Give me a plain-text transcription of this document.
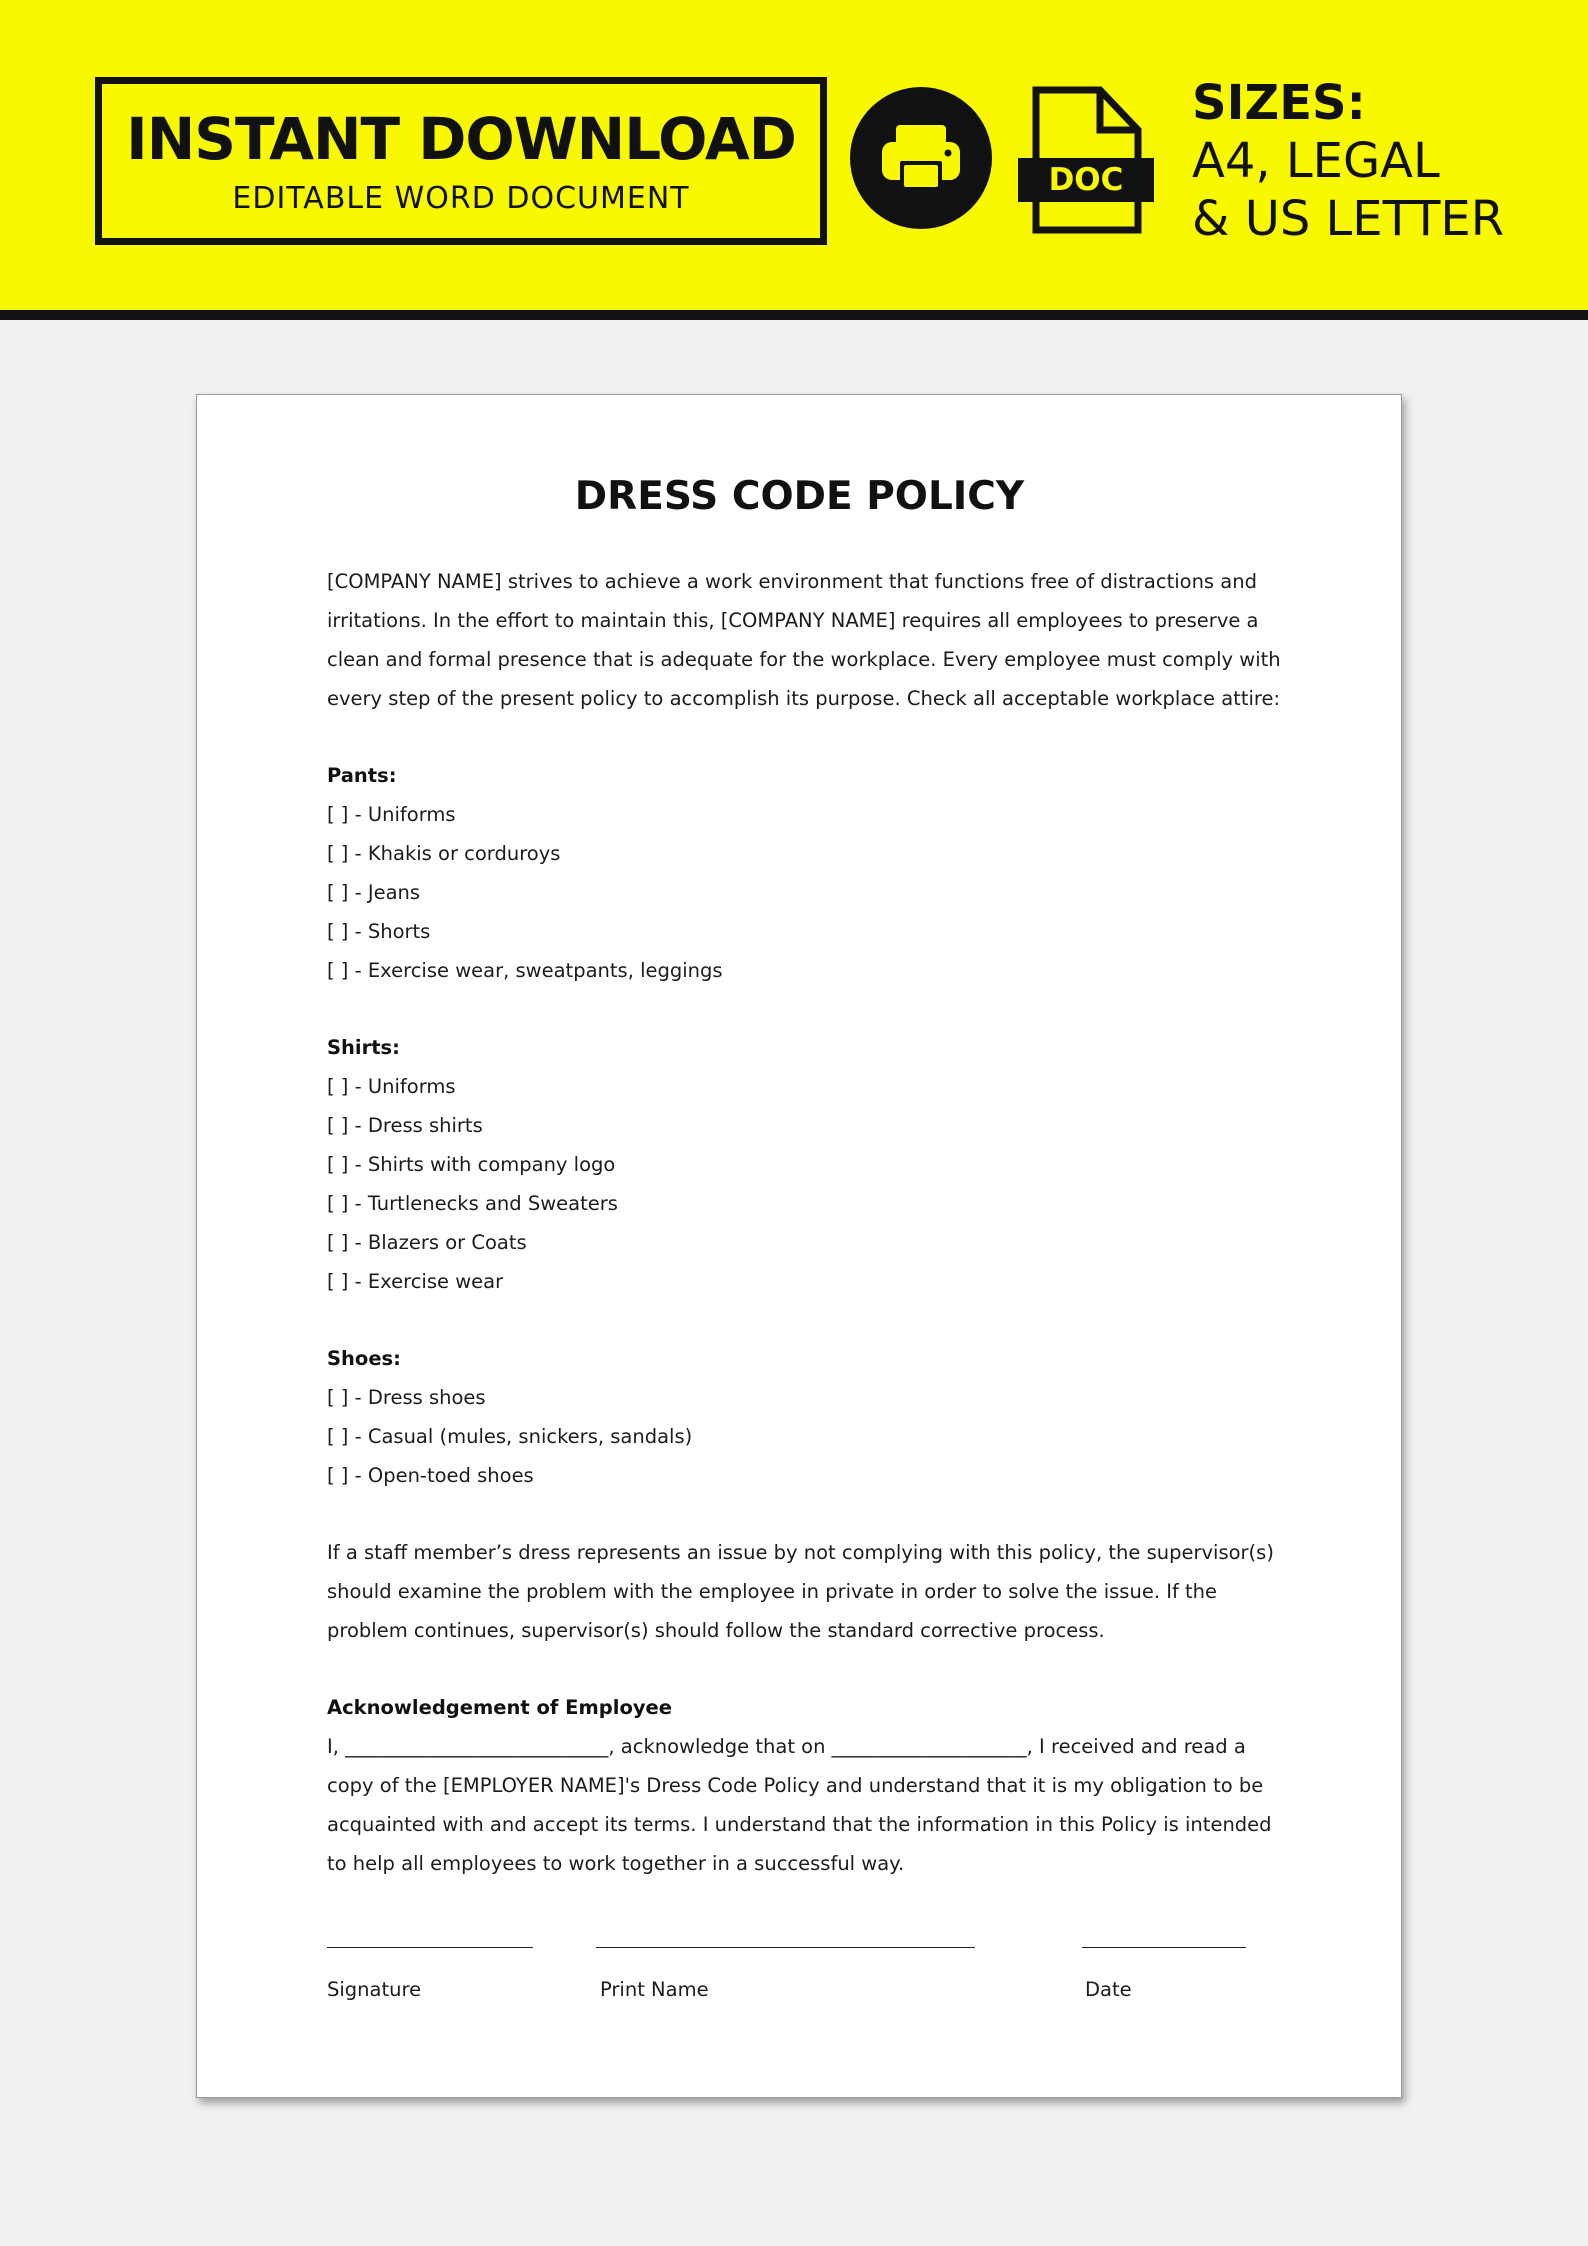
INSTANT DOWNLOAD
EDITABLE WORD DOCUMENT
DOC
SIZES:
A4, LEGAL
& US LETTER
DRESS CODE POLICY
[COMPANY NAME] strives to achieve a work environment that functions free of distractions and
irritations. In the effort to maintain this, [COMPANY NAME] requires all employees to preserve a
clean and formal presence that is adequate for the workplace. Every employee must comply with
every step of the present policy to accomplish its purpose. Check all acceptable workplace attire:
Pants:
[ ] - Uniforms
[ ] - Khakis or corduroys
[ ] - Jeans
[ ] - Shorts
[ ] - Exercise wear, sweatpants, leggings
Shirts:
[ ] - Uniforms
[ ] - Dress shirts
[ ] - Shirts with company logo
[ ] - Turtlenecks and Sweaters
[ ] - Blazers or Coats
[ ] - Exercise wear
Shoes:
[ ] - Dress shoes
[ ] - Casual (mules, snickers, sandals)
[ ] - Open-toed shoes
If a staff member’s dress represents an issue by not complying with this policy, the supervisor(s)
should examine the problem with the employee in private in order to solve the issue. If the
problem continues, supervisor(s) should follow the standard corrective process.
Acknowledgement of Employee
I, ___________________________, acknowledge that on ____________________, I received and read a
copy of the [EMPLOYER NAME]'s Dress Code Policy and understand that it is my obligation to be
acquainted with and accept its terms. I understand that the information in this Policy is intended
to help all employees to work together in a successful way.
Signature	Print Name	Date
